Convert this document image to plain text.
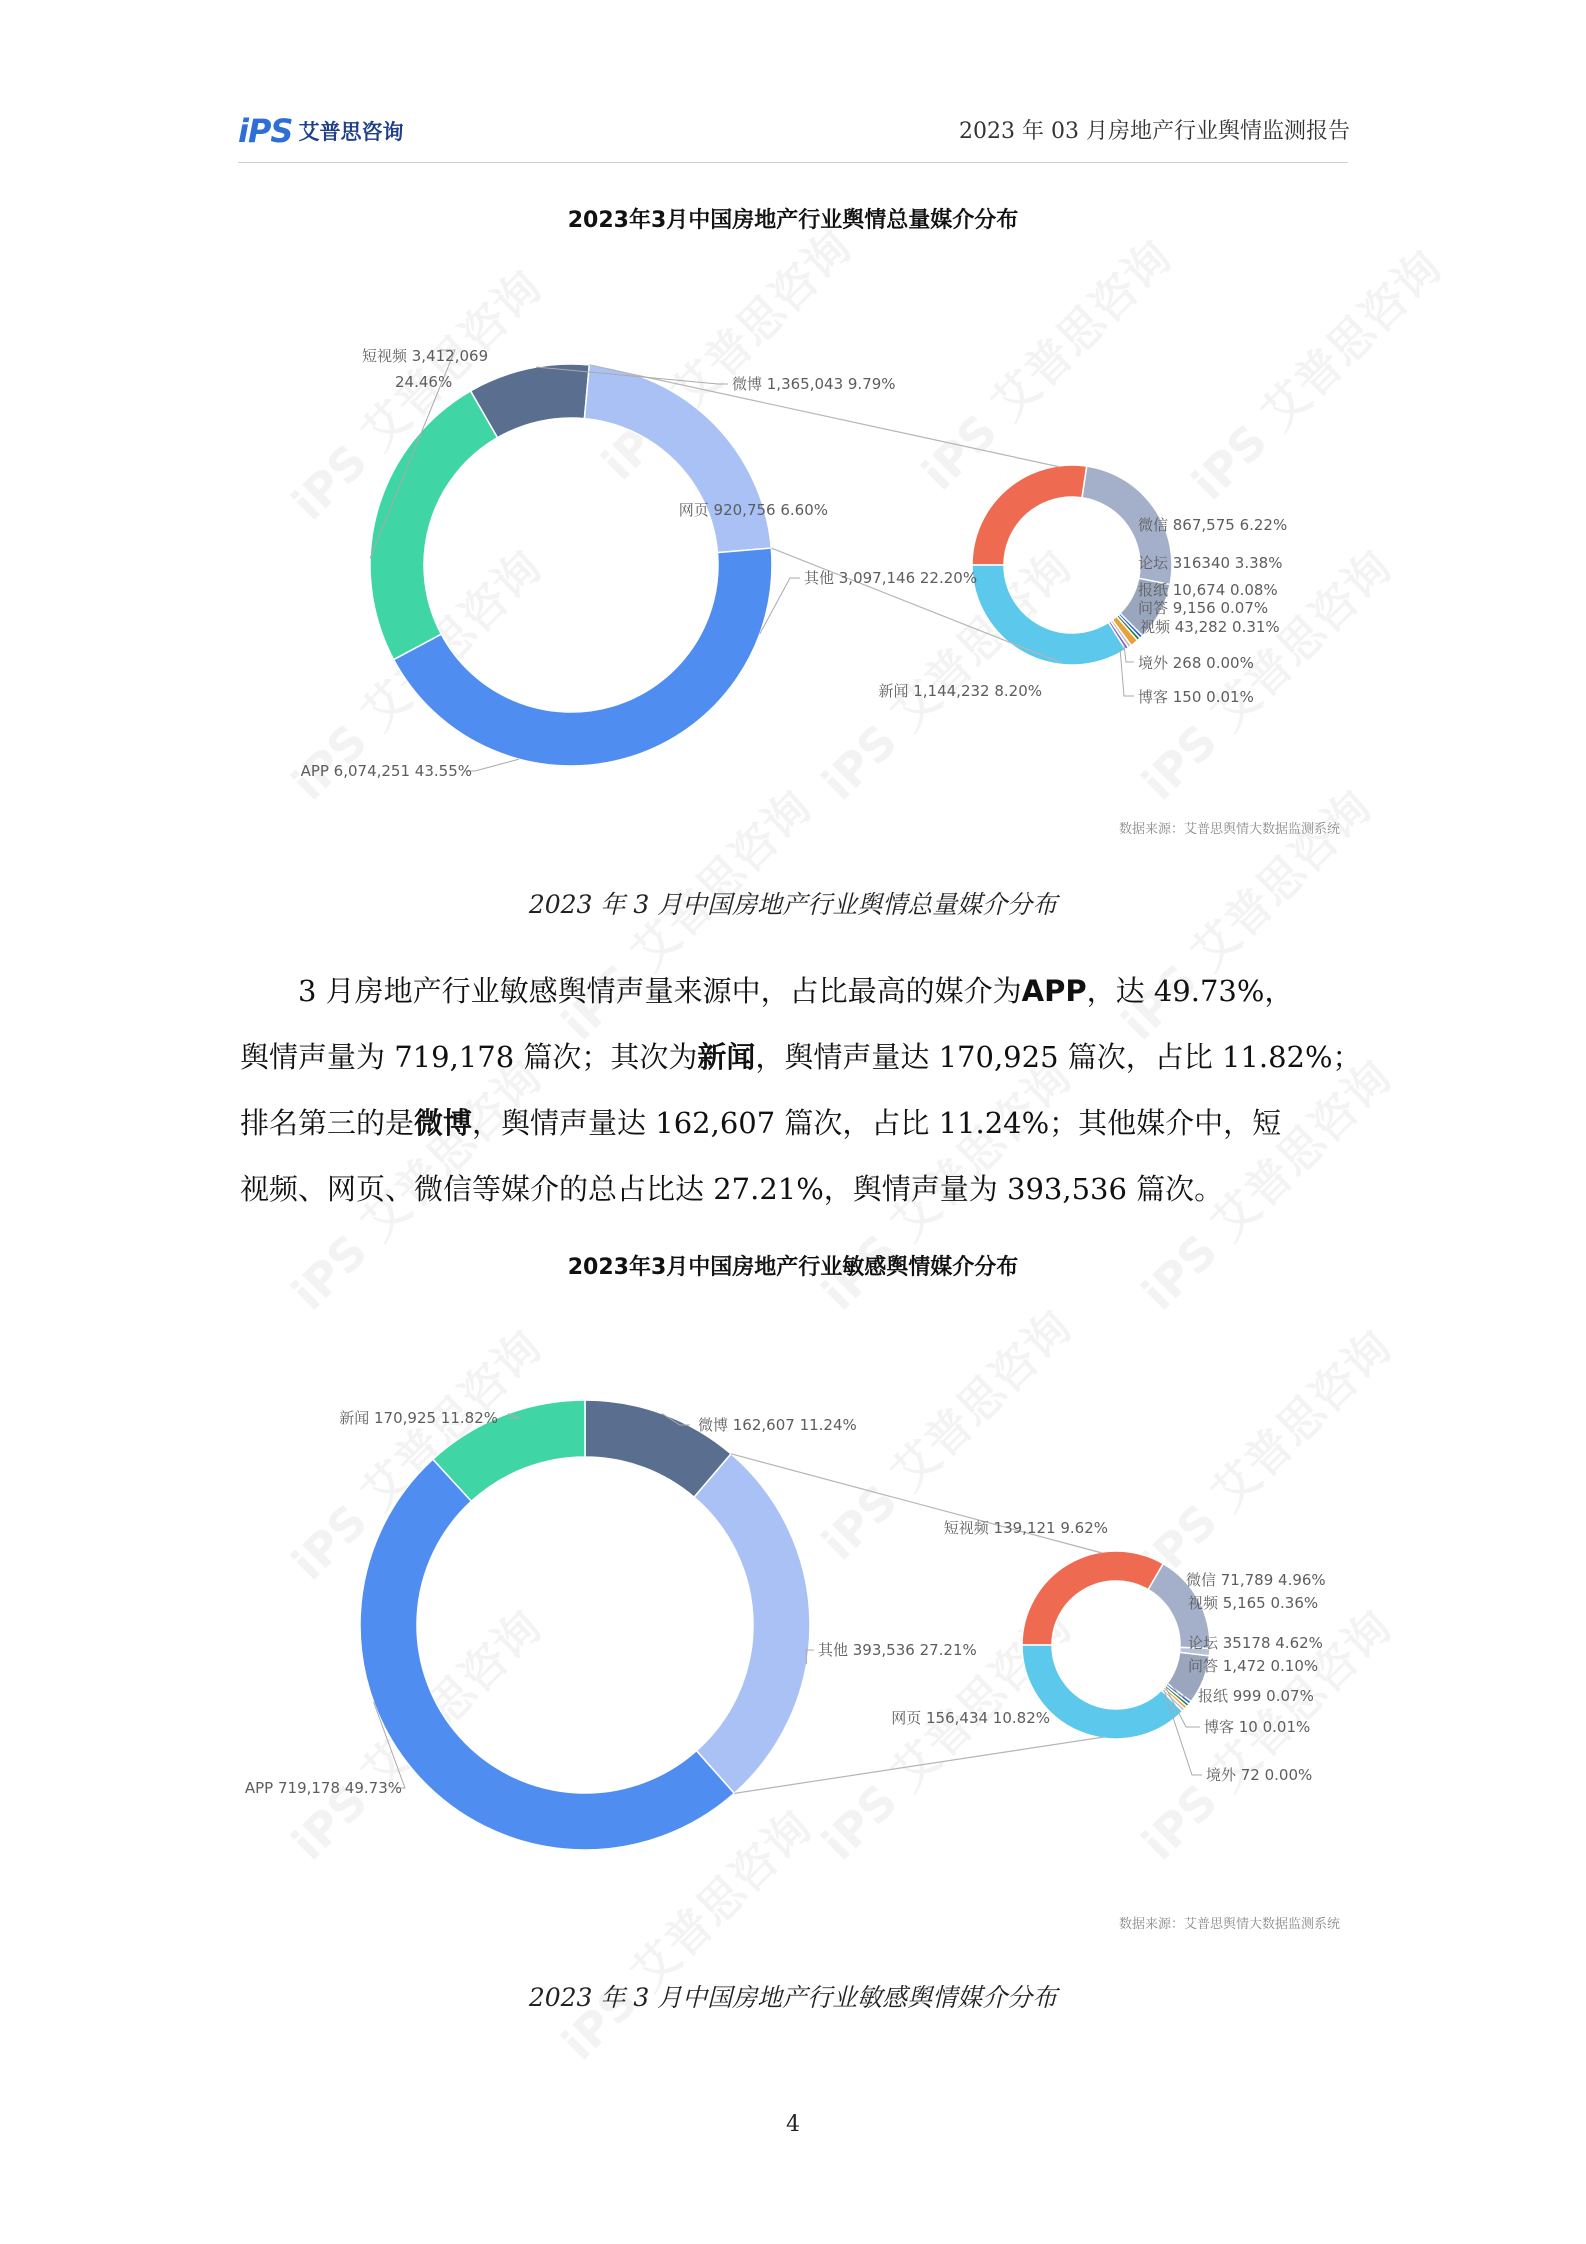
iPS 艾普思咨询	2023 年 03 月房地产行业舆情监测报告
2023年3月中国房地产行业舆情总量媒介分布
微博 1,365,043 9.79%
其他 3,097,146 22.20%
APP 6,074,251 43.55%
短视频 3,412,069
24.46%
网页 920,756 6.60%
微信 867,575 6.22%
论坛 316340 3.38%
报纸 10,674 0.08%
问答 9,156 0.07%
视频 43,282 0.31%
境外 268 0.00%
博客 150 0.01%
新闻 1,144,232 8.20%
数据来源：艾普思舆情大数据监测系统
2023 年 3 月中国房地产行业舆情总量媒介分布
3 月房地产行业敏感舆情声量来源中，占比最高的媒介为APP，达 49.73%，
舆情声量为 719,178 篇次；其次为新闻，舆情声量达 170,925 篇次，占比 11.82%；
排名第三的是微博，舆情声量达 162,607 篇次，占比 11.24%；其他媒介中，短
视频、网页、微信等媒介的总占比达 27.21%，舆情声量为 393,536 篇次。
2023年3月中国房地产行业敏感舆情媒介分布
微博 162,607 11.24%
其他 393,536 27.21%
APP 719,178 49.73%
新闻 170,925 11.82%
短视频 139,121 9.62%
微信 71,789 4.96%
视频 5,165 0.36%
论坛 35178 4.62%
问答 1,472 0.10%
报纸 999 0.07%
博客 10 0.01%
境外 72 0.00%
网页 156,434 10.82%
数据来源：艾普思舆情大数据监测系统
2023 年 3 月中国房地产行业敏感舆情媒介分布
4
